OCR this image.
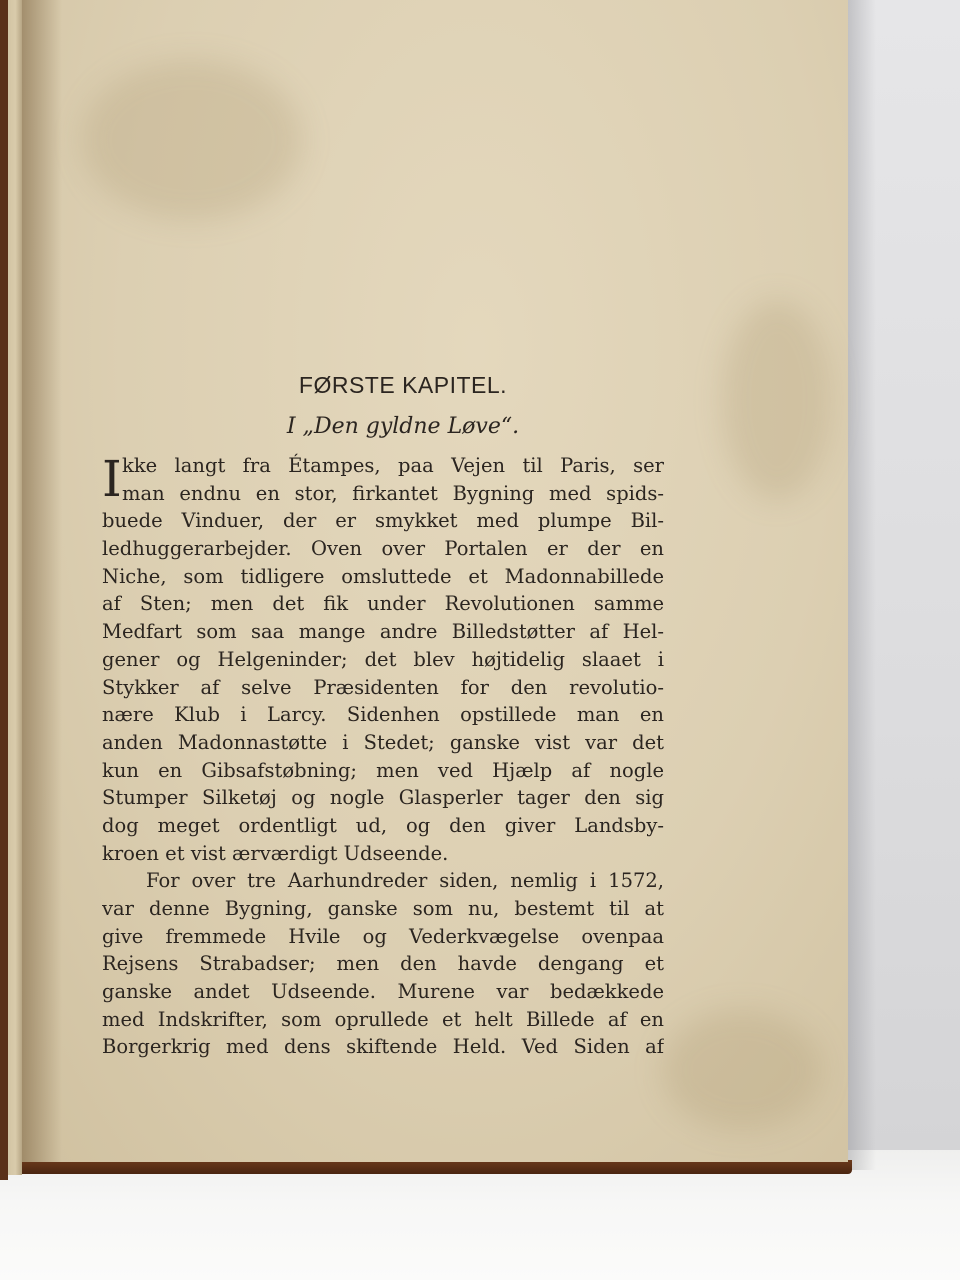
FØRSTE KAPITEL.
I „Den gyldne Løve“.
I kke langt fra Étampes, paa Vejen til Paris, ser
man endnu en stor, firkantet Bygning med spids-
buede Vinduer, der er smykket med plumpe Bil-
ledhuggerarbejder. Oven over Portalen er der en
Niche, som tidligere omsluttede et Madonnabillede
af Sten; men det fik under Revolutionen samme
Medfart som saa mange andre Billedstøtter af Hel-
gener og Helgeninder; det blev højtidelig slaaet i
Stykker af selve Præsidenten for den revolutio-
nære Klub i Larcy. Sidenhen opstillede man en
anden Madonnastøtte i Stedet; ganske vist var det
kun en Gibsafstøbning; men ved Hjælp af nogle
Stumper Silketøj og nogle Glasperler tager den sig
dog meget ordentligt ud, og den giver Landsby-
kroen et vist ærværdigt Udseende.
For over tre Aarhundreder siden, nemlig i 1572,
var denne Bygning, ganske som nu, bestemt til at
give fremmede Hvile og Vederkvægelse ovenpaa
Rejsens Strabadser; men den havde dengang et
ganske andet Udseende. Murene var bedækkede
med Indskrifter, som oprullede et helt Billede af en
Borgerkrig med dens skiftende Held. Ved Siden af
